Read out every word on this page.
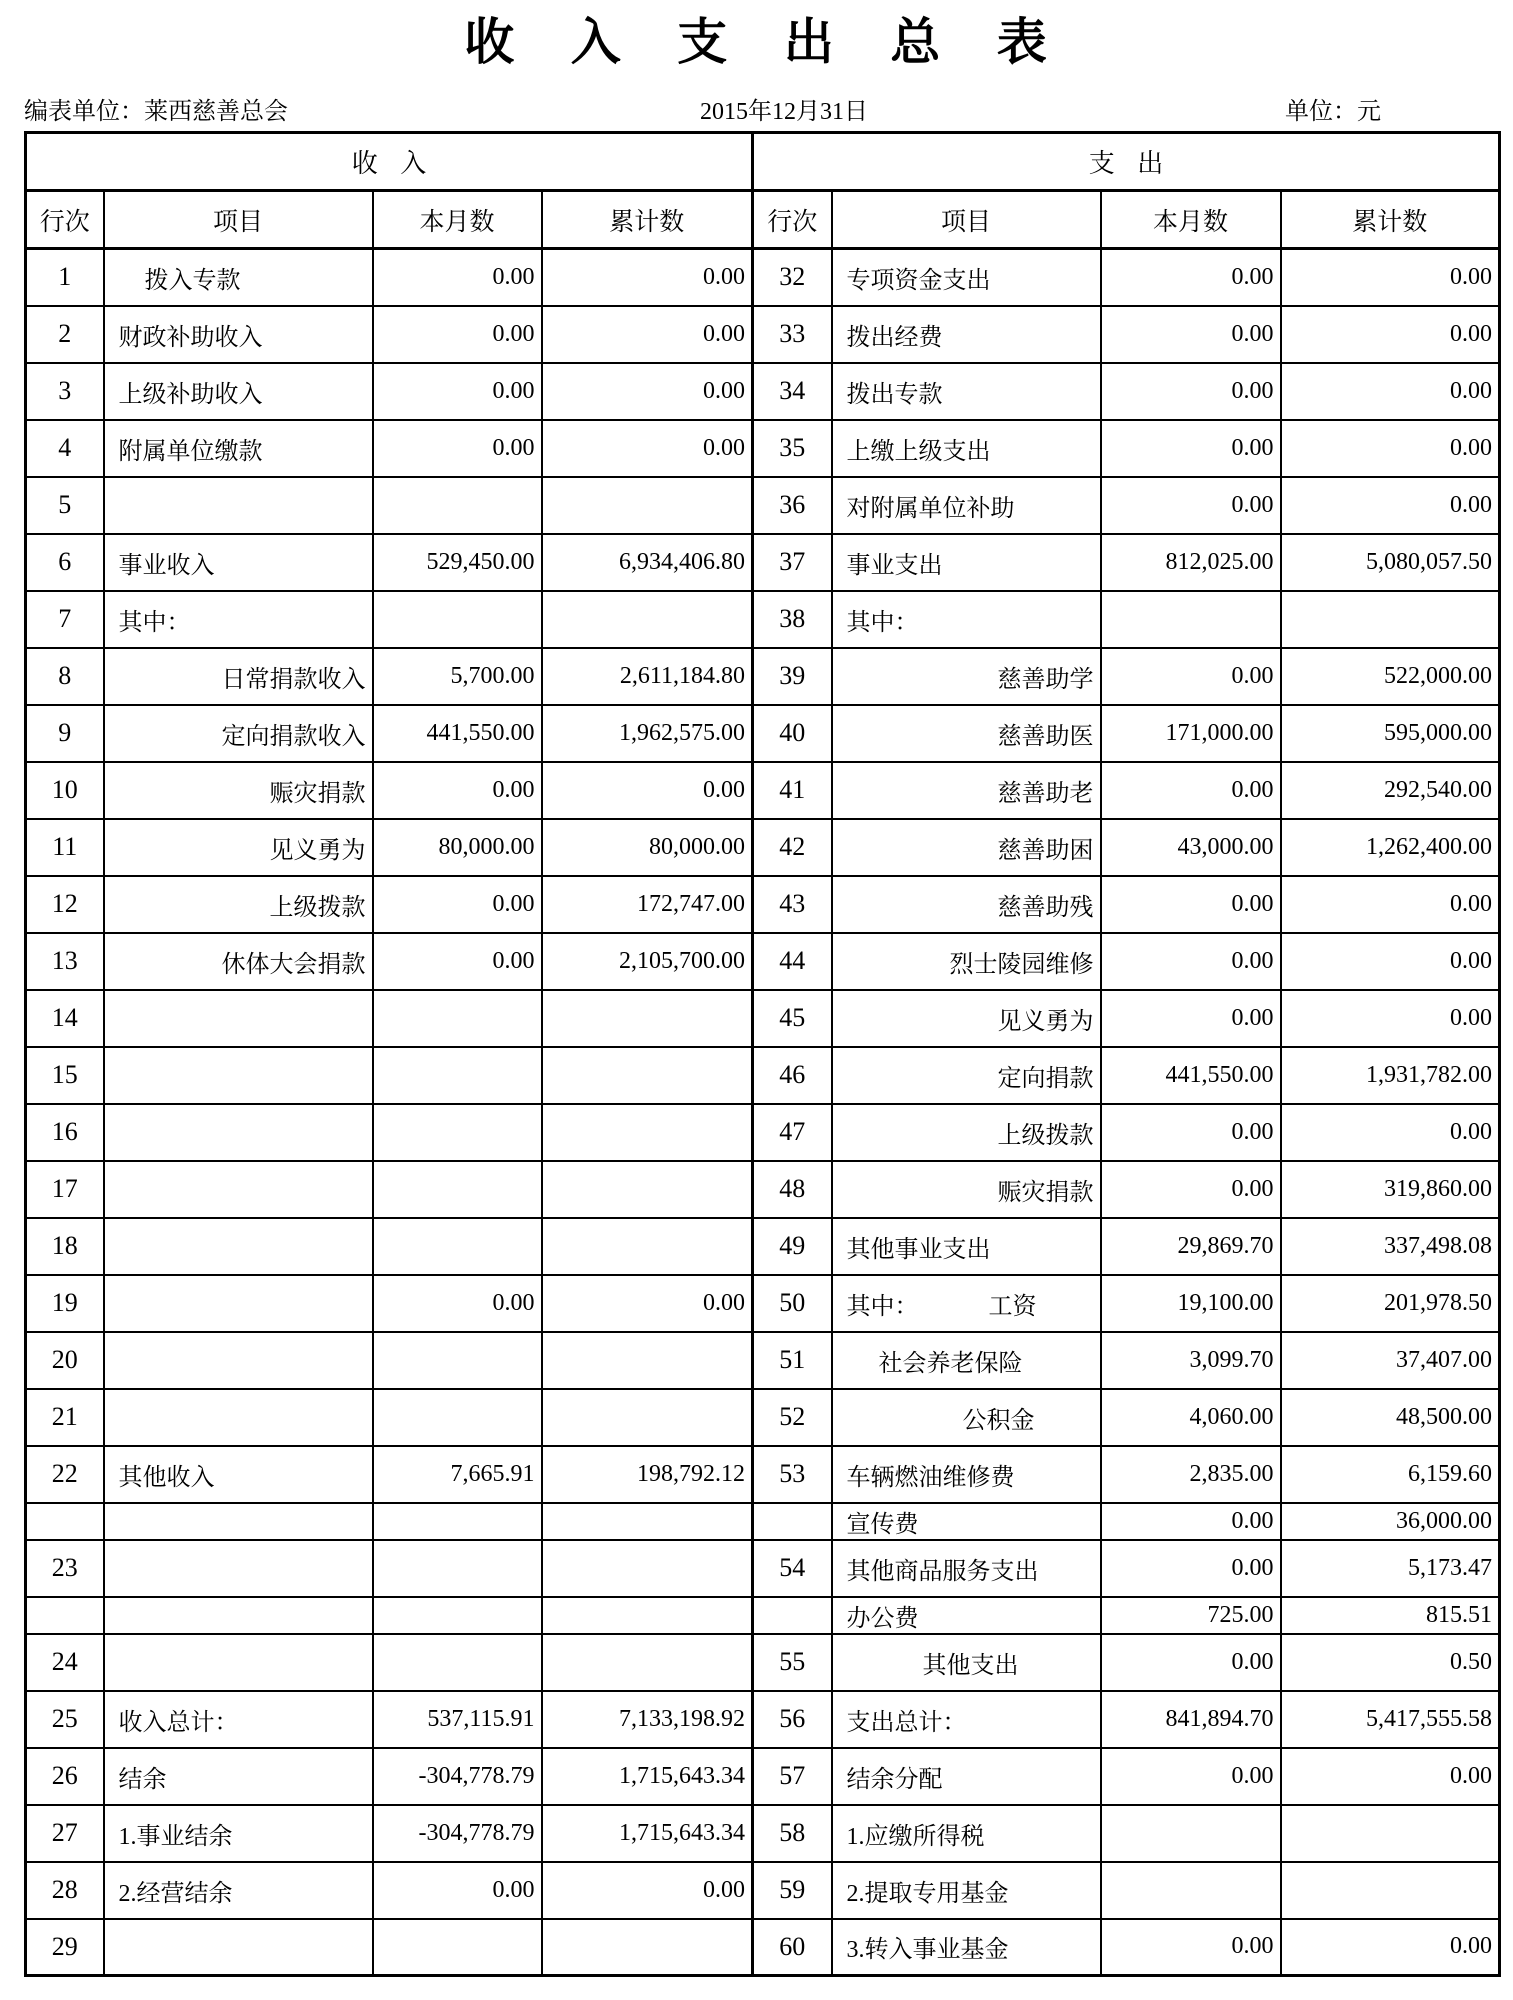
收 入 支 出 总 表
编表单位：莱西慈善总会	2015年12月31日	单位：元
收 入				支 出			
行次	项目	本月数	累计数	行次	项目	本月数	累计数
1	拨入专款	0.00	0.00	32	专项资金支出	0.00	0.00
2	财政补助收入	0.00	0.00	33	拨出经费	0.00	0.00
3	上级补助收入	0.00	0.00	34	拨出专款	0.00	0.00
4	附属单位缴款	0.00	0.00	35	上缴上级支出	0.00	0.00
5				36	对附属单位补助	0.00	0.00
6	事业收入	529,450.00	6,934,406.80	37	事业支出	812,025.00	5,080,057.50
7	其中：			38	其中：		
8	日常捐款收入	5,700.00	2,611,184.80	39	慈善助学	0.00	522,000.00
9	定向捐款收入	441,550.00	1,962,575.00	40	慈善助医	171,000.00	595,000.00
10	赈灾捐款	0.00	0.00	41	慈善助老	0.00	292,540.00
11	见义勇为	80,000.00	80,000.00	42	慈善助困	43,000.00	1,262,400.00
12	上级拨款	0.00	172,747.00	43	慈善助残	0.00	0.00
13	休体大会捐款	0.00	2,105,700.00	44	烈士陵园维修	0.00	0.00
14				45	见义勇为	0.00	0.00
15				46	定向捐款	441,550.00	1,931,782.00
16				47	上级拨款	0.00	0.00
17				48	赈灾捐款	0.00	319,860.00
18				49	其他事业支出	29,869.70	337,498.08
19		0.00	0.00	50	其中： 工资	19,100.00	201,978.50
20				51	社会养老保险	3,099.70	37,407.00
21				52	公积金	4,060.00	48,500.00
22	其他收入	7,665.91	198,792.12	53	车辆燃油维修费	2,835.00	6,159.60
					宣传费	0.00	36,000.00
23				54	其他商品服务支出	0.00	5,173.47
					办公费	725.00	815.51
24				55	其他支出	0.00	0.50
25	收入总计：	537,115.91	7,133,198.92	56	支出总计：	841,894.70	5,417,555.58
26	结余	-304,778.79	1,715,643.34	57	结余分配	0.00	0.00
27	1.事业结余	-304,778.79	1,715,643.34	58	1.应缴所得税		
28	2.经营结余	0.00	0.00	59	2.提取专用基金		
29				60	3.转入事业基金	0.00	0.00
